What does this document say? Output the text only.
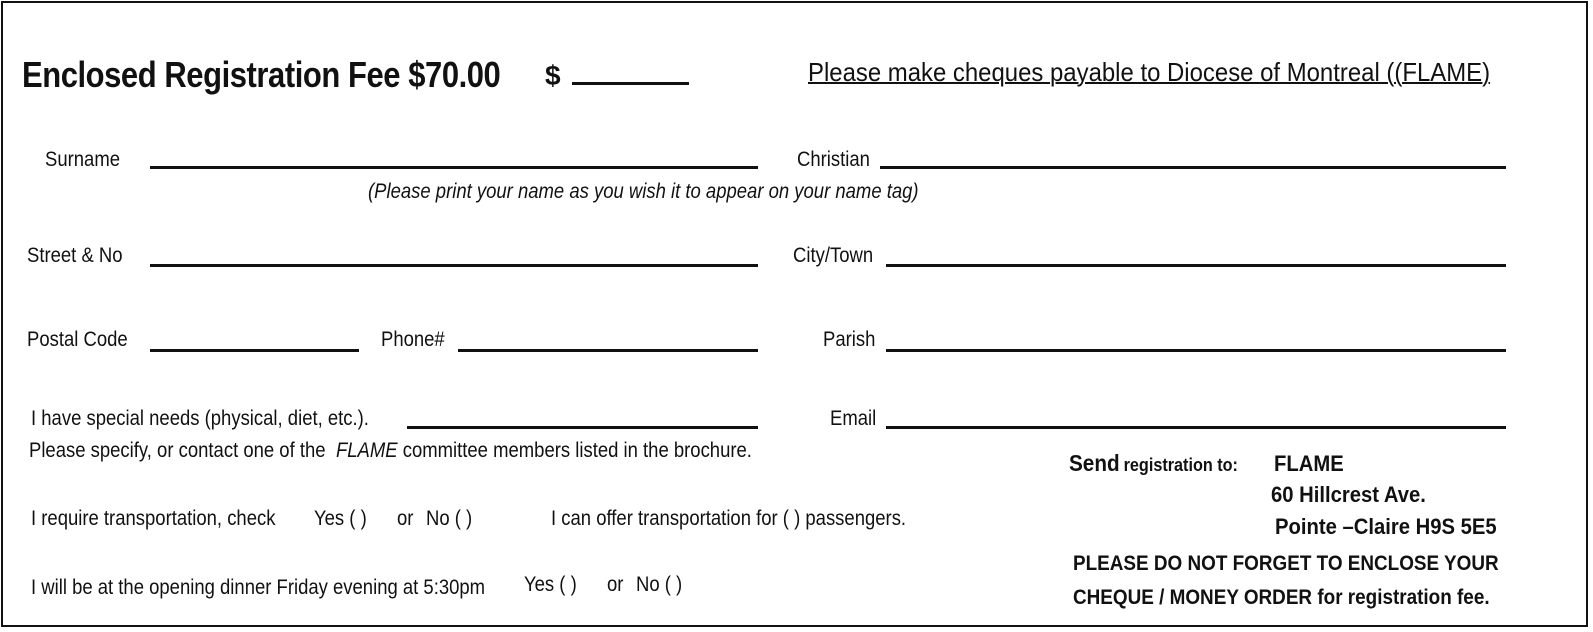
Enclosed Registration Fee $70.00 $	Please make cheques payable to Diocese of Montreal ((FLAME)
Surname	Christian
(Please print your name as you wish it to appear on your name tag)
Street & No	City/Town
Postal Code	Phone#	Parish
I have special needs (physical, diet, etc.).	Email
Please specify, or contact one of the FLAME committee members listed in the brochure.
I require transportation, check Yes ( ) or No ( )	I can offer transportation for ( ) passengers.
I will be at the opening dinner Friday evening at 5:30pm Yes ( ) or No ( )
Send registration to: FLAME
60 Hillcrest Ave.
Pointe –Claire H9S 5E5
PLEASE DO NOT FORGET TO ENCLOSE YOUR
CHEQUE / MONEY ORDER for registration fee.
